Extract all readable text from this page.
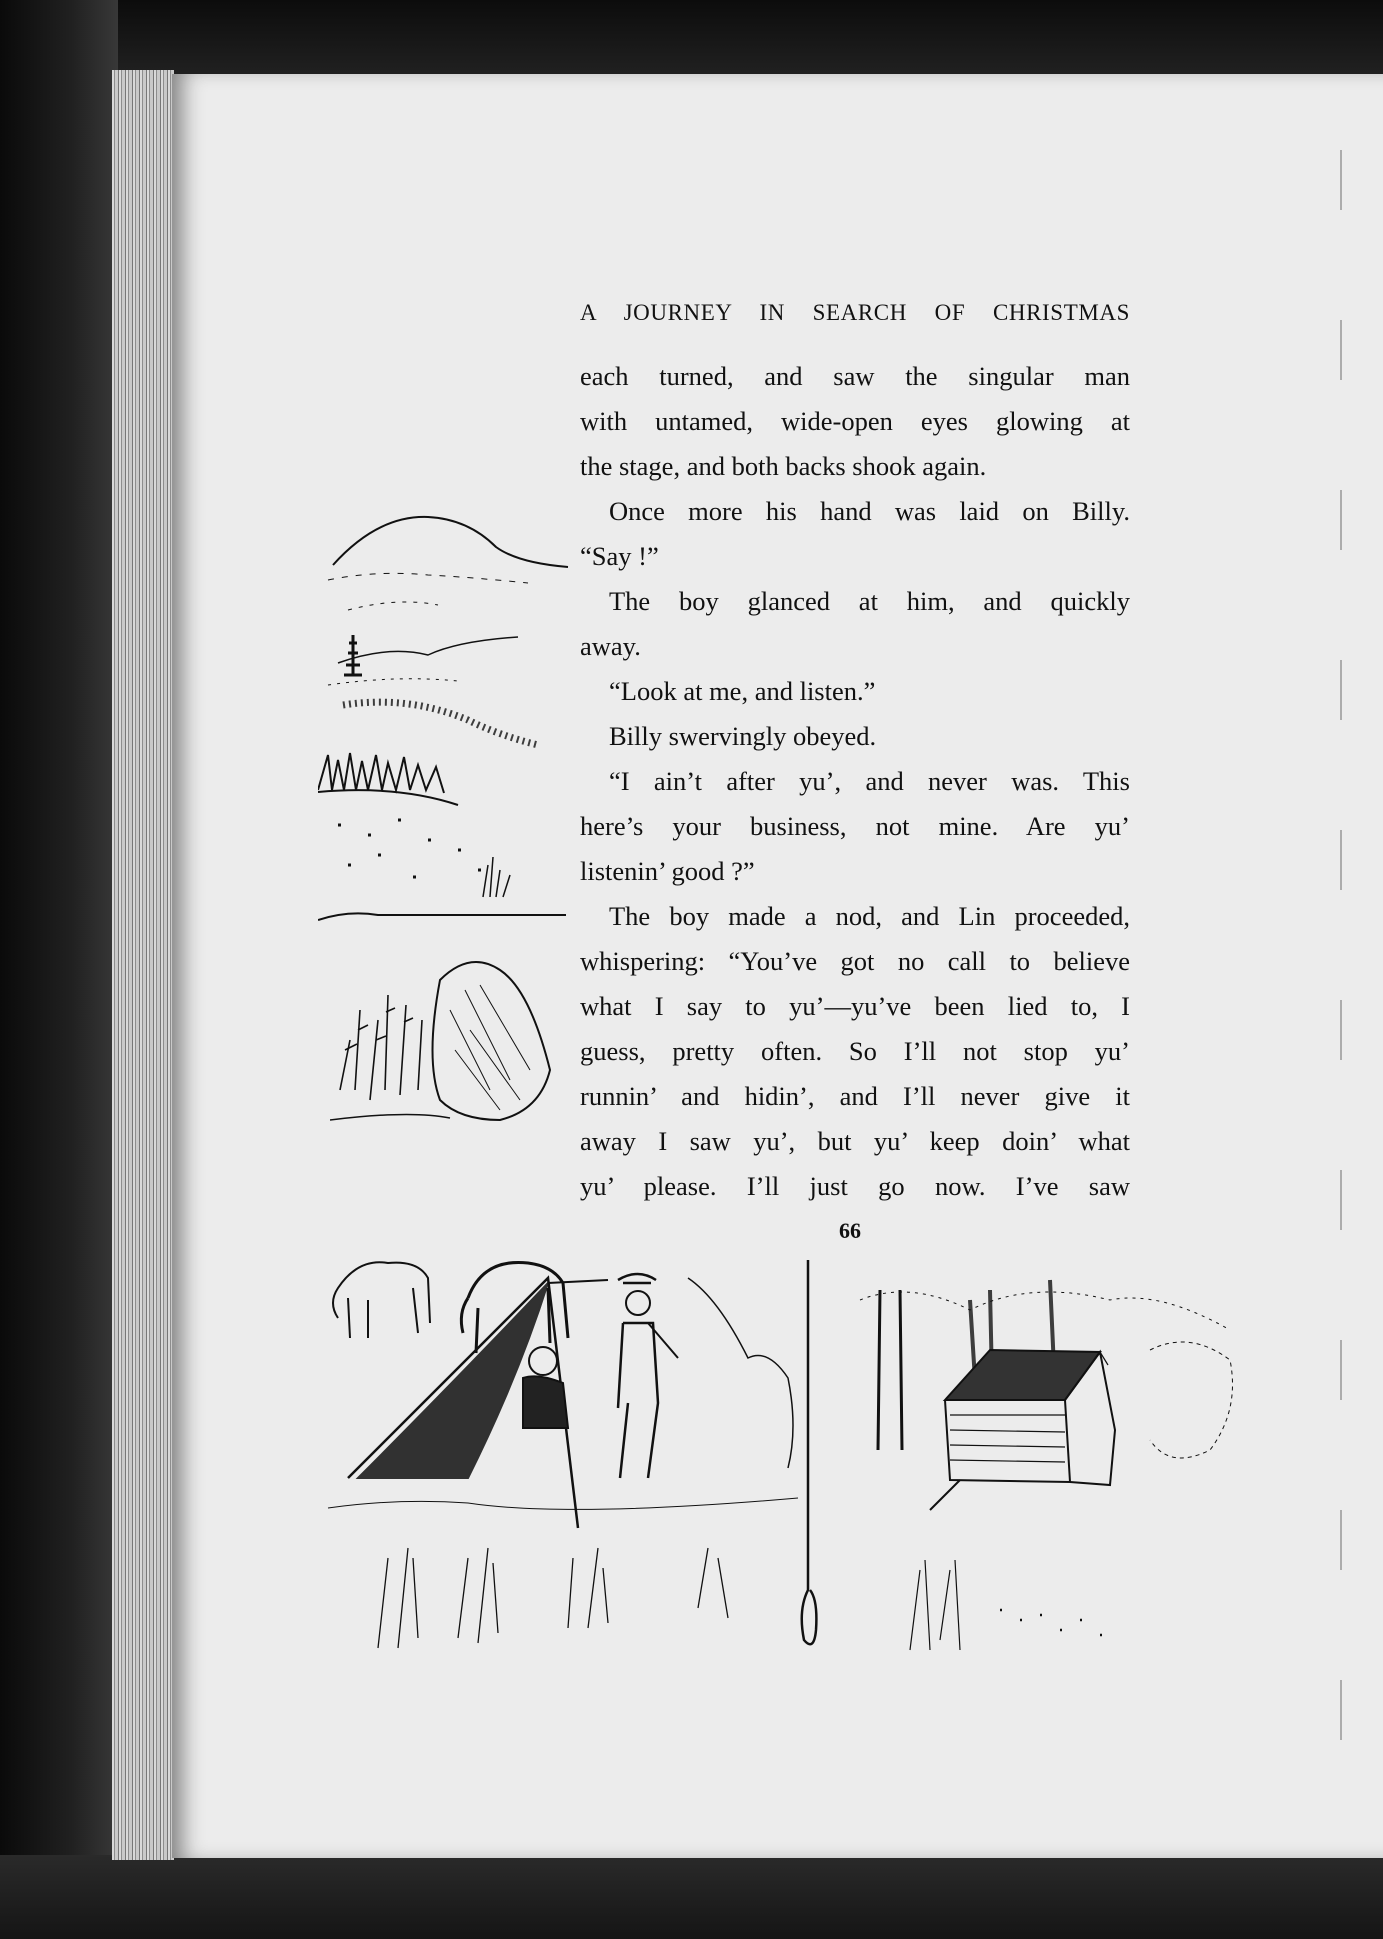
A JOURNEY IN SEARCH OF CHRISTMAS
each turned, and saw the singular man
with untamed, wide-open eyes glowing at
the stage, and both backs shook again.
Once more his hand was laid on Billy.
“Say !”
The boy glanced at him, and quickly
away.
“Look at me, and listen.”
Billy swervingly obeyed.
“I ain’t after yu’, and never was. This
here’s your business, not mine. Are yu’
listenin’ good ?”
The boy made a nod, and Lin proceeded,
whispering: “You’ve got no call to believe
what I say to yu’—yu’ve been lied to, I
guess, pretty often. So I’ll not stop yu’
runnin’ and hidin’, and I’ll never give it
away I saw yu’, but yu’ keep doin’ what
yu’ please. I’ll just go now. I’ve saw
66
